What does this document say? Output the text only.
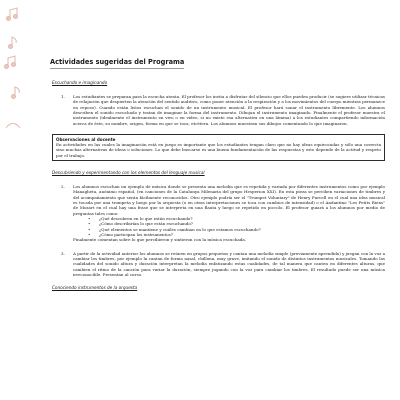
Actividades sugeridas del Programa
Escuchando e imaginando
1.	Los estudiantes se preparan para la escucha atenta. El profesor los invita a disfrutar del silencio que ellos pueden producir (se sugiere utilizar técnicas de relajación que despierten la atención del sentido auditivo, como poner atención a la respiración y a los movimientos del cuerpo mientras permanece en reposo). Cuando están listos escuchan el sonido de un instrumento musical. El profesor hará sonar el instrumento libremente. Los alumnos describen el sonido escuchado y tratan de imaginar la forma del instrumento. Dibujan el instrumento imaginado. Finalmente el profesor muestra el instrumento (idealmente el instrumento en vivo o en video, si no existe esa alternativa en una lámina) a los estudiantes compartiendo información acerca de éste, su nombre, origen, forma en que se toca, etcétera. Los alumnos muestran sus dibujos comentando lo que imaginaron.
Observaciones al docente
En actividades en las cuales la imaginación está en juego es importante que los estudiantes tengan claro que no hay ideas equivocadas y sólo una correcta sino muchas alternativas de ideas o soluciones. Lo que debe buscarse es una buena fundamentación de las respuestas y esto depende de la actitud y respeto por el trabajo.
Descubriendo y experimentando con los elementos del lenguaje musical
2.	Los alumnos escuchan un ejemplo de música donde se presenta una melodía que es repetida y variada por diferentes instrumentos como por ejemplo Managheta, anónimo español, (en canciones de la Catalunya Milenaria del grupo Hesperion XXI). En esta pieza se perciben variaciones de timbres y del acompañamiento que serán fácilmente reconocidos. Otro ejemplo podría ser el "Trumpet Voluntary" de Henry Purcell en el cual una idea musical es tocada por una trompeta y luego por la orquesta (o en otras interpretaciones se toca con cambios de intensidad) o el Andantino "Les Petits Riens" de Mozart en el cual hay una frase que se interpreta en una flauta y luego se repetido en piccolo. El profesor guiará a los alumnos por medio de preguntas tales como:
• ¿Qué descubren en lo que están escuchando?
• ¿Cómo describirían lo que están escuchando?
• ¿Qué elementos se mantiene y cuáles cambian en lo que estamos escuchando?
• ¿Cómo participan los instrumentos?
Finalmente comentan sobre lo que percibieron y sintieron con la música escuchada.
3.	A partir de la actividad anterior los alumnos se reúnen en grupos pequeños y cantan una melodía simple (previamente aprendida) y juegan con la voz a cambiar los timbres, por ejemplo la cantan de forma nasal, chillona, muy grave, imitando el sonido de distintos instrumentos musicales. Tomando las cualidades del sonido altura y duración interpretan la melodía enfatizando estas cualidades, de tal manera que canten en diferentes alturas, que cambien el ritmo de la canción para variar la duración, siempre jugando con la voz para cambiar los timbres. El resultado puede ser una música irreconocible. Presentan al curso.
Conociendo instrumentos de la orquesta
